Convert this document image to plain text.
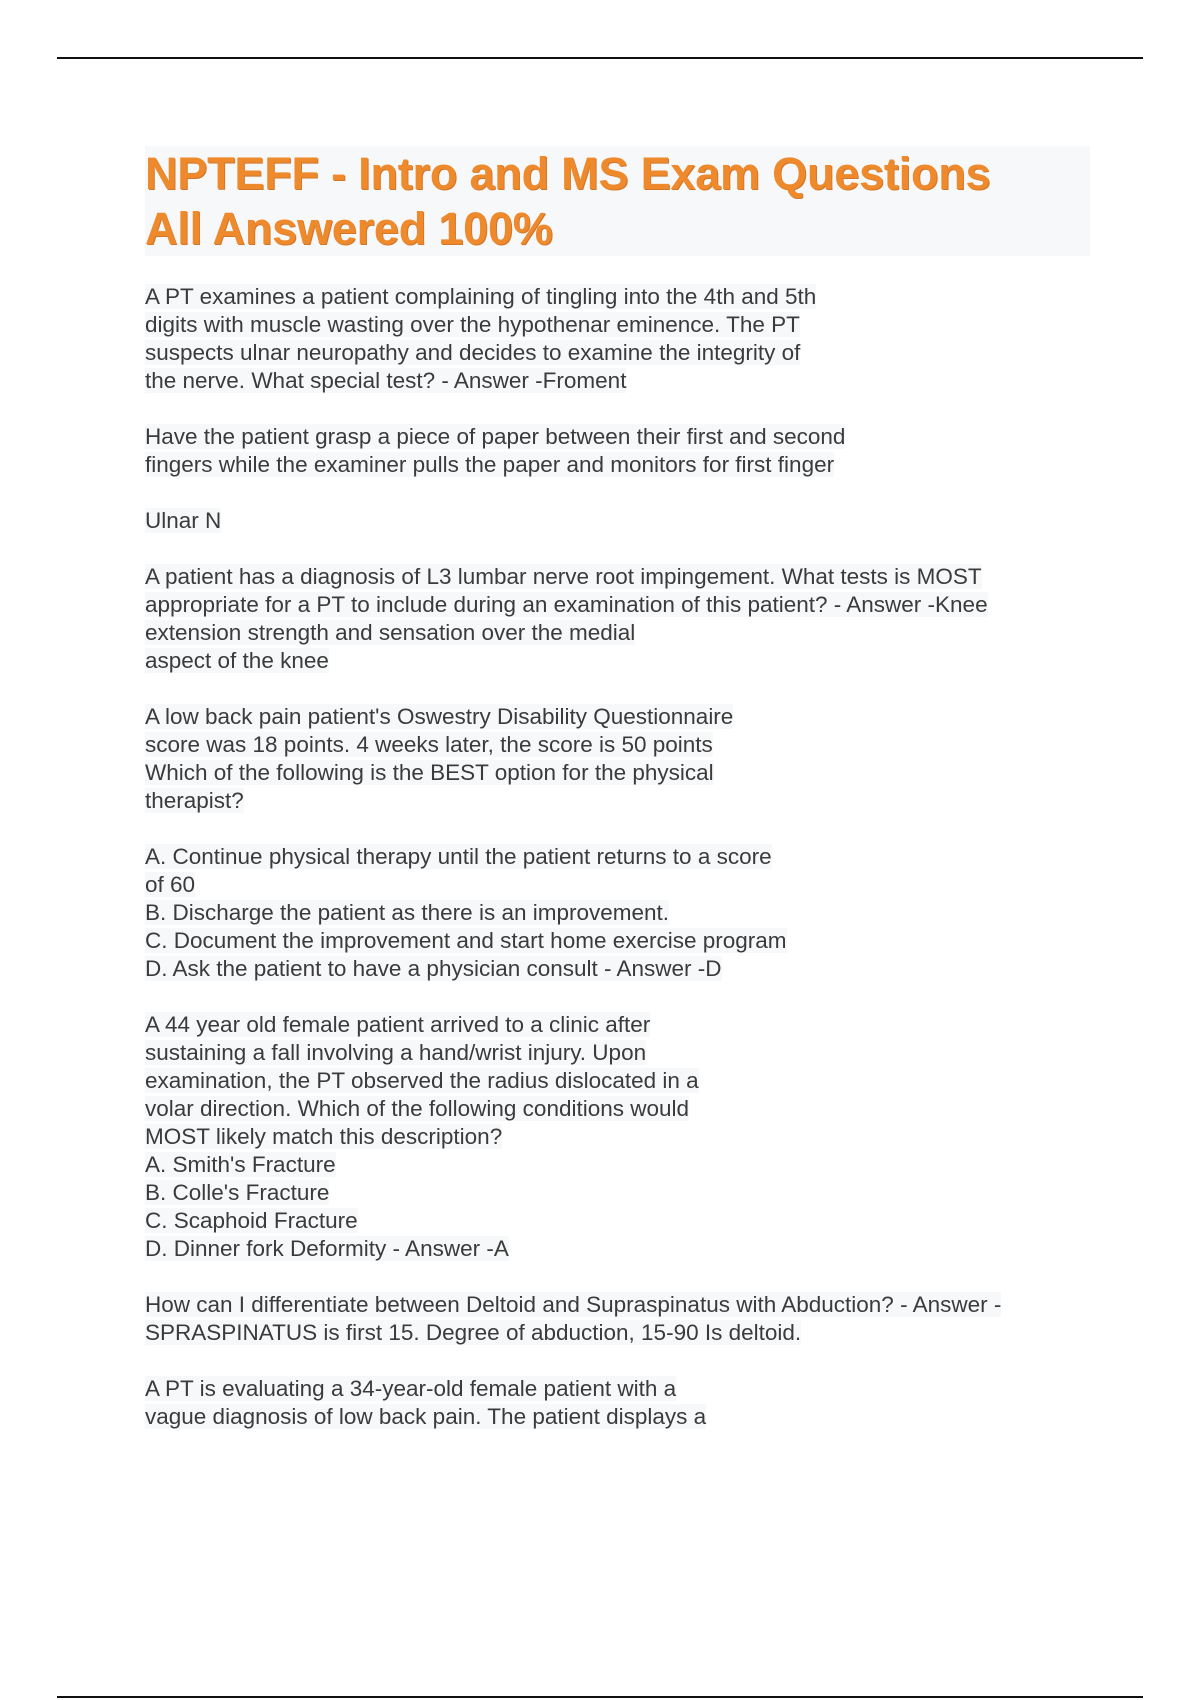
NPTEFF - Intro and MS Exam Questions
All Answered 100%
A PT examines a patient complaining of tingling into the 4th and 5th
digits with muscle wasting over the hypothenar eminence. The PT
suspects ulnar neuropathy and decides to examine the integrity of
the nerve. What special test? - Answer -Froment
Have the patient grasp a piece of paper between their first and second
fingers while the examiner pulls the paper and monitors for first finger
Ulnar N
A patient has a diagnosis of L3 lumbar nerve root impingement. What tests is MOST
appropriate for a PT to include during an examination of this patient? - Answer -Knee
extension strength and sensation over the medial
aspect of the knee
A low back pain patient's Oswestry Disability Questionnaire
score was 18 points. 4 weeks later, the score is 50 points
Which of the following is the BEST option for the physical
therapist?
A. Continue physical therapy until the patient returns to a score
of 60
B. Discharge the patient as there is an improvement.
C. Document the improvement and start home exercise program
D. Ask the patient to have a physician consult - Answer -D
A 44 year old female patient arrived to a clinic after
sustaining a fall involving a hand/wrist injury. Upon
examination, the PT observed the radius dislocated in a
volar direction. Which of the following conditions would
MOST likely match this description?
A. Smith's Fracture
B. Colle's Fracture
C. Scaphoid Fracture
D. Dinner fork Deformity - Answer -A
How can I differentiate between Deltoid and Supraspinatus with Abduction? - Answer -
SPRASPINATUS is first 15. Degree of abduction, 15-90 Is deltoid.
A PT is evaluating a 34-year-old female patient with a
vague diagnosis of low back pain. The patient displays a
